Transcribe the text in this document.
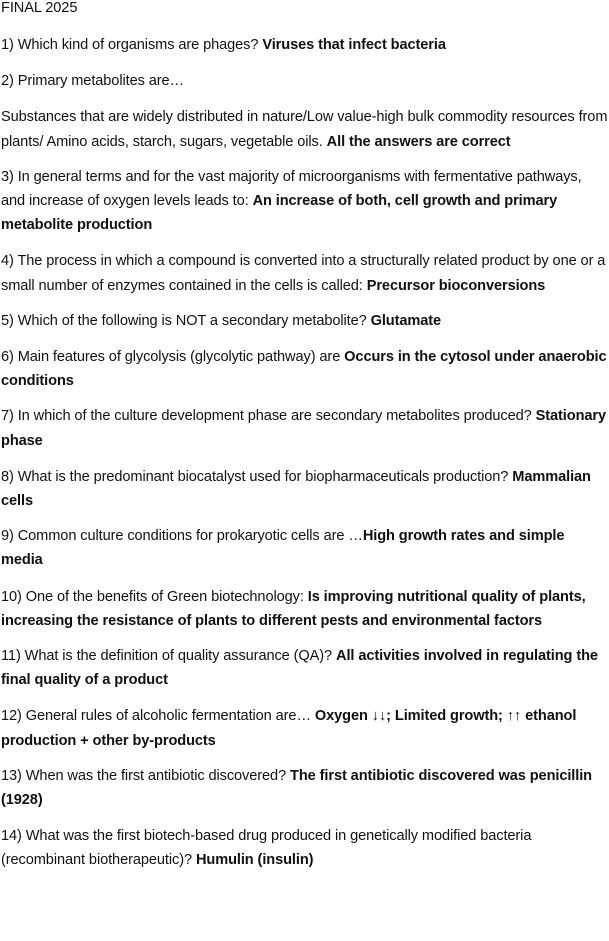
FINAL 2025

1) Which kind of organisms are phages? Viruses that infect bacteria

2) Primary metabolites are…

Substances that are widely distributed in nature/Low value-high bulk commodity resources from plants/ Amino acids, starch, sugars, vegetable oils. All the answers are correct

3) In general terms and for the vast majority of microorganisms with fermentative pathways, and increase of oxygen levels leads to: An increase of both, cell growth and primary metabolite production

4) The process in which a compound is converted into a structurally related product by one or a small number of enzymes contained in the cells is called: Precursor bioconversions

5) Which of the following is NOT a secondary metabolite? Glutamate

6) Main features of glycolysis (glycolytic pathway) are Occurs in the cytosol under anaerobic conditions

7) In which of the culture development phase are secondary metabolites produced? Stationary phase

8) What is the predominant biocatalyst used for biopharmaceuticals production? Mammalian cells

9) Common culture conditions for prokaryotic cells are …High growth rates and simple media

10) One of the benefits of Green biotechnology: Is improving nutritional quality of plants, increasing the resistance of plants to different pests and environmental factors

11) What is the definition of quality assurance (QA)? All activities involved in regulating the final quality of a product

12) General rules of alcoholic fermentation are… Oxygen ↓↓; Limited growth; ↑↑ ethanol production + other by-products

13) When was the first antibiotic discovered? The first antibiotic discovered was penicillin (1928)

14) What was the first biotech-based drug produced in genetically modified bacteria (recombinant biotherapeutic)? Humulin (insulin)
